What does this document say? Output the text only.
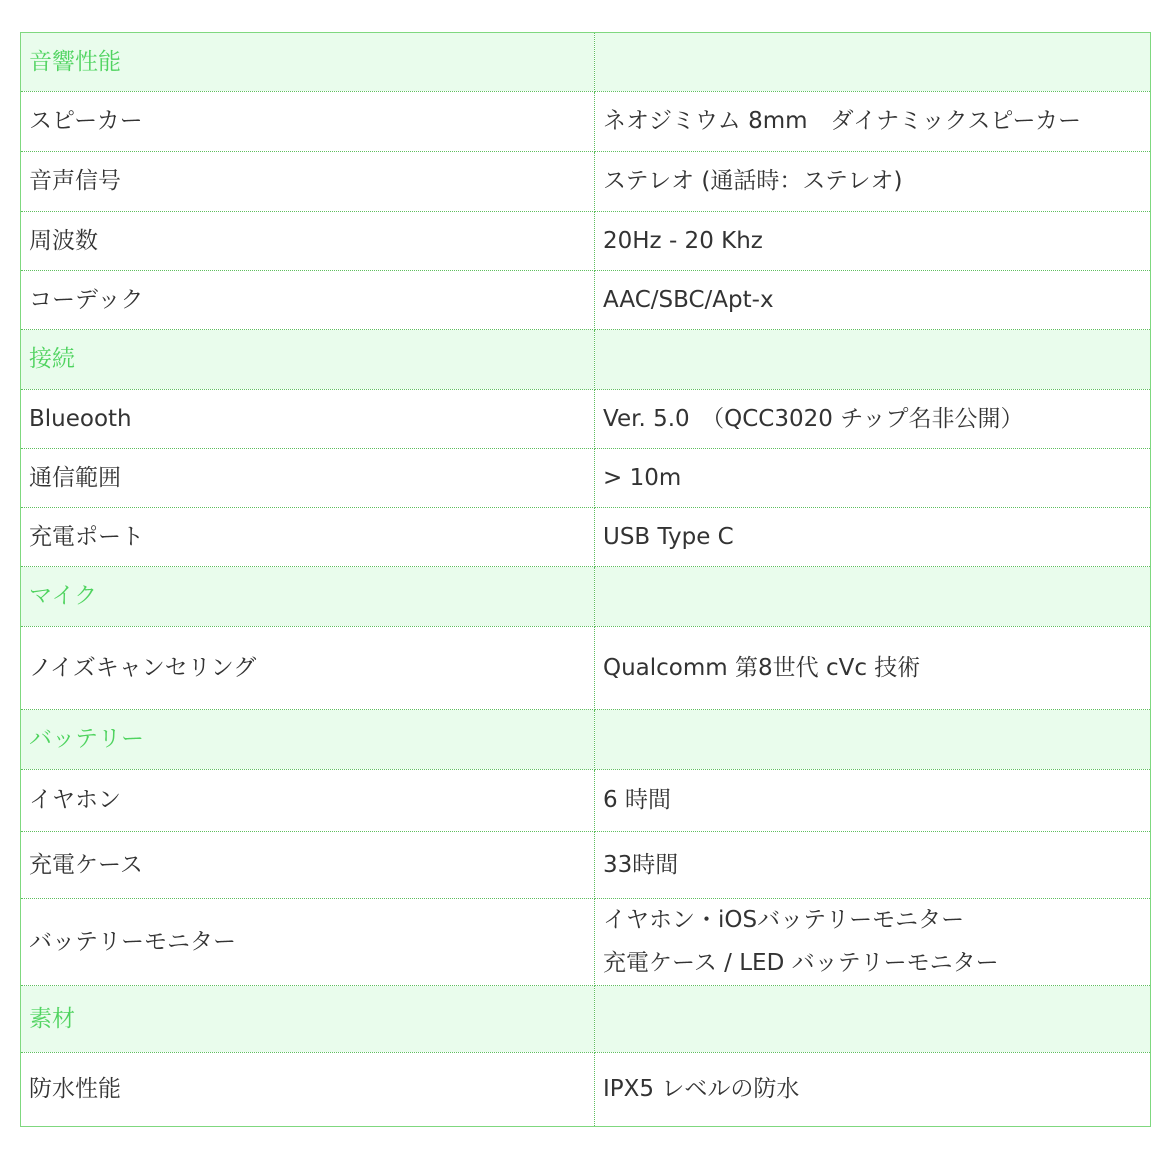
音響性能	
スピーカー	ネオジミウム 8mm　ダイナミックスピーカー
音声信号	ステレオ (通話時：ステレオ)
周波数	20Hz - 20 Khz
コーデック	AAC/SBC/Apt-x
接続	
Blueooth	Ver. 5.0　（QCC3020 チップ名非公開）
通信範囲	> 10m
充電ポート	USB Type C
マイク	
ノイズキャンセリング	Qualcomm 第8世代 cVc 技術
バッテリー	
イヤホン	6 時間
充電ケース	33時間
バッテリーモニター	イヤホン・iOSバッテリーモニター
充電ケース / LED バッテリーモニター

素材	
防水性能	IPX5 レベルの防水
